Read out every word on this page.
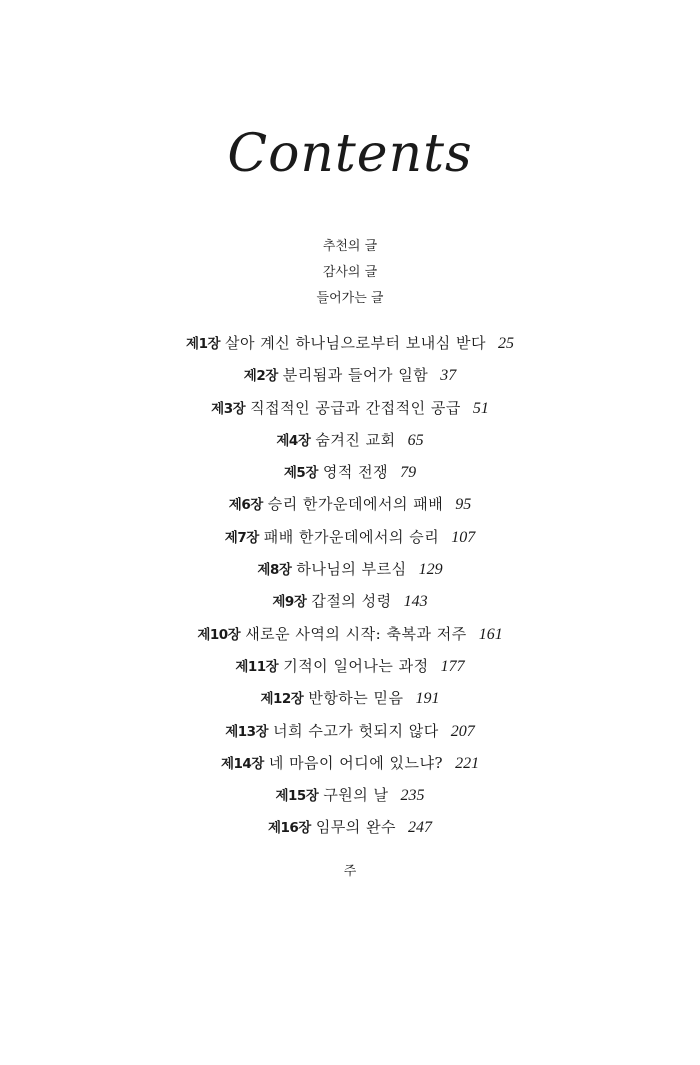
Contents
추천의 글
감사의 글
들어가는 글
제1장 살아 계신 하나님으로부터 보내심 받다 25
제2장 분리됨과 들어가 일함 37
제3장 직접적인 공급과 간접적인 공급 51
제4장 숨겨진 교회 65
제5장 영적 전쟁 79
제6장 승리 한가운데에서의 패배 95
제7장 패배 한가운데에서의 승리 107
제8장 하나님의 부르심 129
제9장 갑절의 성령 143
제10장 새로운 사역의 시작: 축복과 저주 161
제11장 기적이 일어나는 과정 177
제12장 반항하는 믿음 191
제13장 너희 수고가 헛되지 않다 207
제14장 네 마음이 어디에 있느냐? 221
제15장 구원의 날 235
제16장 임무의 완수 247
주
